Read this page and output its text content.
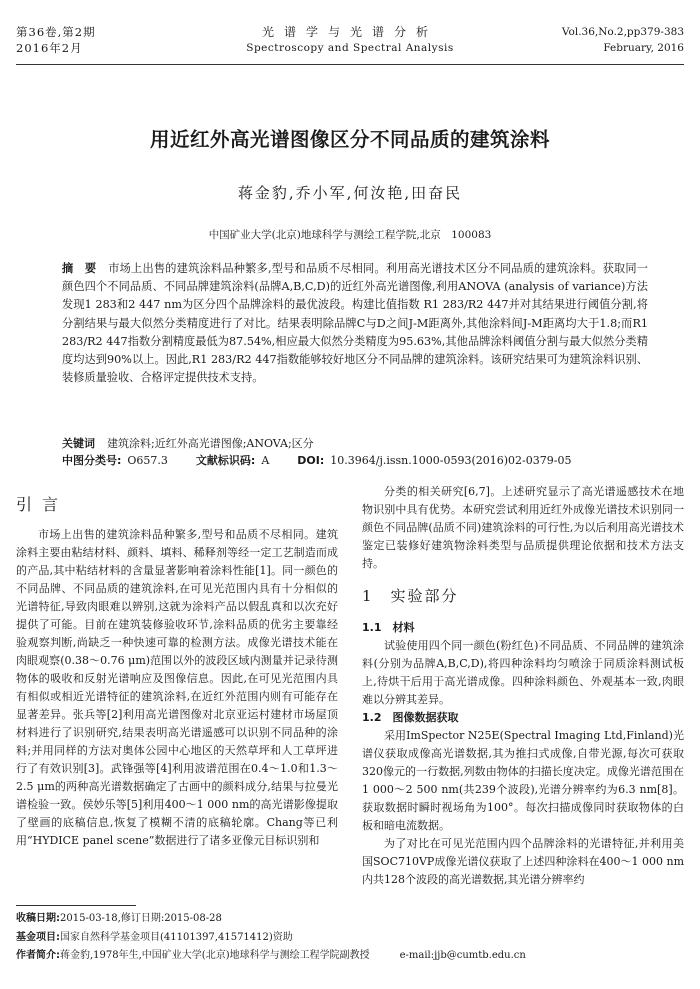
第36卷,第2期
2016年2月
光谱学与光谱分析
Spectroscopy and Spectral Analysis
Vol.36,No.2,pp379-383
February, 2016
用近红外高光谱图像区分不同品质的建筑涂料
蒋金豹,乔小军,何汝艳,田奋民
中国矿业大学(北京)地球科学与测绘工程学院,北京　100083
摘　要 市场上出售的建筑涂料品种繁多,型号和品质不尽相同。利用高光谱技术区分不同品质的建筑涂料。获取同一颜色四个不同品质、不同品牌建筑涂料(品牌A,B,C,D)的近红外高光谱图像,利用ANOVA (analysis of variance)方法发现1 283和2 447 nm为区分四个品牌涂料的最优波段。构建比值指数 R1 283/R2 447并对其结果进行阈值分割,将分割结果与最大似然分类精度进行了对比。结果表明除品牌C与D之间J-M距离外,其他涂料间J-M距离均大于1.8;而R1 283/R2 447指数分割精度最低为87.54%,相应最大似然分类精度为95.63%,其他品牌涂料阈值分割与最大似然分类精度均达到90%以上。因此,R1 283/R2 447指数能够较好地区分不同品牌的建筑涂料。该研究结果可为建筑涂料识别、装修质量验收、合格评定提供技术支持。
关键词 建筑涂料;近红外高光谱图像;ANOVA;区分
中图分类号: O657.3	文献标识码: A	DOI: 10.3964/j.issn.1000-0593(2016)02-0379-05
引言

市场上出售的建筑涂料品种繁多,型号和品质不尽相同。建筑涂料主要由粘结材料、颜料、填料、稀释剂等经一定工艺制造而成的产品,其中粘结材料的含量显著影响着涂料性能[1]。同一颜色的不同品牌、不同品质的建筑涂料,在可见光范围内具有十分相似的光谱特征,导致肉眼难以辨别,这就为涂料产品以假乱真和以次充好提供了可能。目前在建筑装修验收环节,涂料品质的优劣主要靠经验观察判断,尚缺乏一种快速可靠的检测方法。成像光谱技术能在肉眼观察(0.38～0.76 μm)范围以外的波段区域内测量并记录待测物体的吸收和反射光谱响应及图像信息。因此,在可见光范围内具有相似或相近光谱特征的建筑涂料,在近红外范围内则有可能存在显著差异。张兵等[2]利用高光谱图像对北京亚运村建材市场屋顶材料进行了识别研究,结果表明高光谱遥感可以识别不同品种的涂料;并用同样的方法对奥体公园中心地区的天然草坪和人工草坪进行了有效识别[3]。武锋强等[4]利用波谱范围在0.4～1.0和1.3～2.5 μm的两种高光谱数据确定了古画中的颜料成分,结果与拉曼光谱检验一致。侯妙乐等[5]利用400～1 000 nm的高光谱影像提取了壁画的底稿信息,恢复了模糊不清的底稿轮廓。Chang等已利用“HYDICE panel scene”数据进行了诸多亚像元目标识别和

分类的相关研究[6,7]。上述研究显示了高光谱遥感技术在地物识别中具有优势。本研究尝试利用近红外成像光谱技术识别同一颜色不同品牌(品质不同)建筑涂料的可行性,为以后利用高光谱技术鉴定已装修好建筑物涂料类型与品质提供理论依据和技术方法支持。

1　实验部分
1.1　材料

试验使用四个同一颜色(粉红色)不同品质、不同品牌的建筑涂料(分别为品牌A,B,C,D),将四种涂料均匀喷涂于同质涂料测试板上,待烘干后用于高光谱成像。四种涂料颜色、外观基本一致,肉眼难以分辨其差异。

1.2　图像数据获取

采用ImSpector N25E(Spectral Imaging Ltd,Finland)光谱仪获取成像高光谱数据,其为推扫式成像,自带光源,每次可获取320像元的一行数据,列数由物体的扫描长度决定。成像光谱范围在1 000～2 500 nm(共239个波段),光谱分辨率约为6.3 nm[8]。获取数据时瞬时视场角为100°。每次扫描成像同时获取物体的白板和暗电流数据。

为了对比在可见光范围内四个品牌涂料的光谱特征,并利用美国SOC710VP成像光谱仪获取了上述四种涂料在400～1 000 nm内共128个波段的高光谱数据,其光谱分辨率约

收稿日期:2015-03-18,修订日期:2015-08-28
基金项目:国家自然科学基金项目(41101397,41571412)资助
作者简介:蒋金豹,1978年生,中国矿业大学(北京)地球科学与测绘工程学院副教授	e-mail:jjb@cumtb.edu.cn
